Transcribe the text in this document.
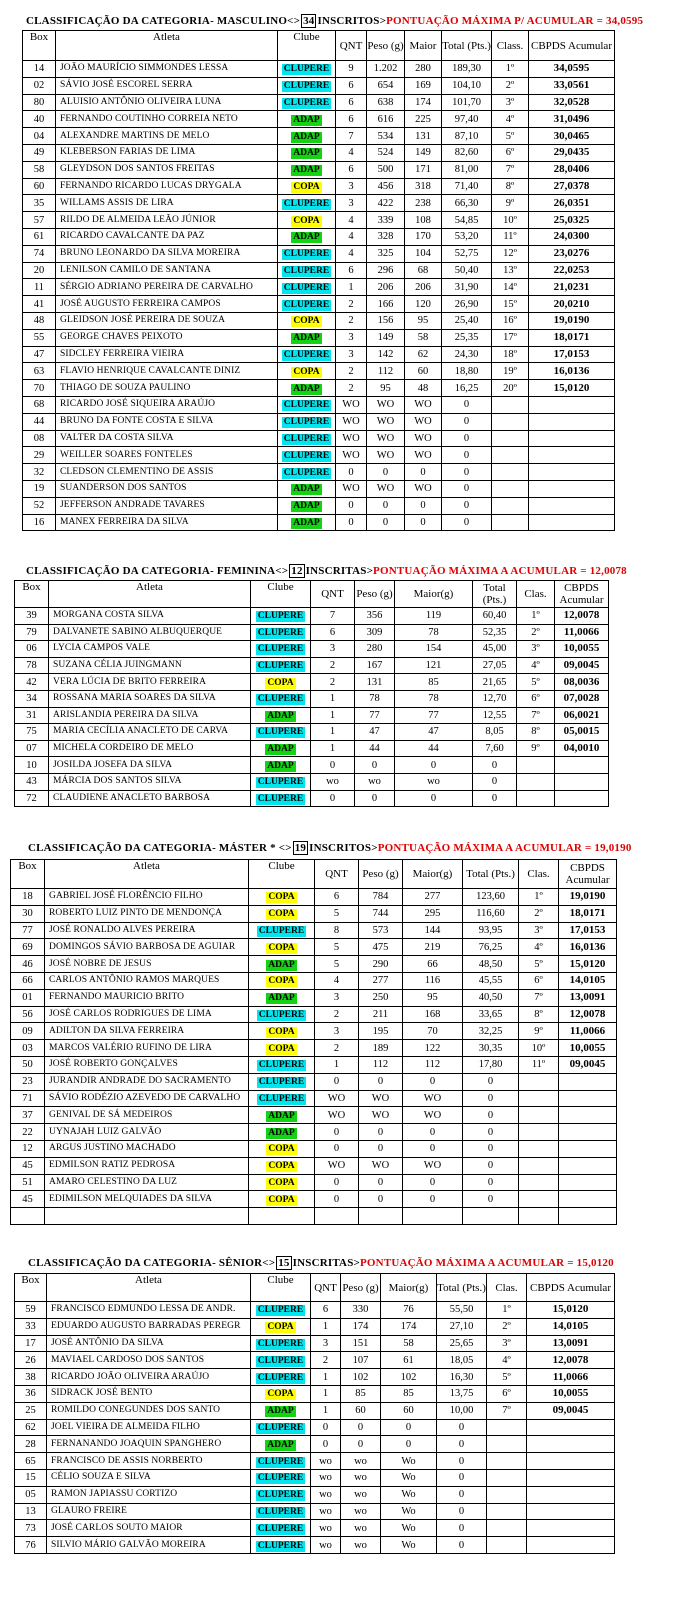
CLASSIFICAÇÃO DA CATEGORIA- MASCULINO<> 34 INSCRITOS>PONTUAÇÃO MÁXIMA P/ ACUMULAR = 34,0595
Box	Atleta	Clube	QNT	Peso (g)	Maior	Total (Pts.)	Class.	CBPDS Acumular
14	JOÃO MAURÍCIO SIMMONDES LESSA	CLUPERE	9	1.202	280	189,30	1º	34,0595
02	SÁVIO JOSÉ ESCOREL SERRA	CLUPERE	6	654	169	104,10	2º	33,0561
80	ALUISIO ANTÔNIO OLIVEIRA LUNA	CLUPERE	6	638	174	101,70	3º	32,0528
40	FERNANDO COUTINHO CORREIA NETO	ADAP	6	616	225	97,40	4º	31,0496
04	ALEXANDRE MARTINS DE MELO	ADAP	7	534	131	87,10	5º	30,0465
49	KLEBERSON FARIAS DE LIMA	ADAP	4	524	149	82,60	6º	29,0435
58	GLEYDSON DOS SANTOS FREITAS	ADAP	6	500	171	81,00	7º	28,0406
60	FERNANDO RICARDO LUCAS DRYGALA	COPA	3	456	318	71,40	8º	27,0378
35	WILLAMS ASSIS DE LIRA	CLUPERE	3	422	238	66,30	9º	26,0351
57	RILDO DE ALMEIDA LEÃO JÚNIOR	COPA	4	339	108	54,85	10º	25,0325
61	RICARDO CAVALCANTE DA PAZ	ADAP	4	328	170	53,20	11º	24,0300
74	BRUNO LEONARDO DA SILVA MOREIRA	CLUPERE	4	325	104	52,75	12º	23,0276
20	LENILSON CAMILO DE SANTANA	CLUPERE	6	296	68	50,40	13º	22,0253
11	SÉRGIO ADRIANO PEREIRA DE CARVALHO	CLUPERE	1	206	206	31,90	14º	21,0231
41	JOSÉ AUGUSTO FERREIRA CAMPOS	CLUPERE	2	166	120	26,90	15º	20,0210
48	GLEIDSON JOSÉ PEREIRA DE SOUZA	COPA	2	156	95	25,40	16º	19,0190
55	GEORGE CHAVES PEIXOTO	ADAP	3	149	58	25,35	17º	18,0171
47	SIDCLEY FERREIRA VIEIRA	CLUPERE	3	142	62	24,30	18º	17,0153
63	FLAVIO HENRIQUE CAVALCANTE DINIZ	COPA	2	112	60	18,80	19º	16,0136
70	THIAGO DE SOUZA PAULINO	ADAP	2	95	48	16,25	20º	15,0120
68	RICARDO JOSÉ SIQUEIRA ARAÚJO	CLUPERE	WO	WO	WO	0		
44	BRUNO DA FONTE COSTA E SILVA	CLUPERE	WO	WO	WO	0		
08	VALTER DA COSTA SILVA	CLUPERE	WO	WO	WO	0		
29	WEILLER SOARES FONTELES	CLUPERE	WO	WO	WO	0		
32	CLEDSON CLEMENTINO DE ASSIS	CLUPERE	0	0	0	0		
19	SUANDERSON DOS SANTOS	ADAP	WO	WO	WO	0		
52	JEFFERSON ANDRADE TAVARES	ADAP	0	0	0	0		
16	MANEX FERREIRA DA SILVA	ADAP	0	0	0	0		
CLASSIFICAÇÃO DA CATEGORIA- FEMININA<> 12 INSCRITAS>PONTUAÇÃO MÁXIMA A ACUMULAR = 12,0078
Box	Atleta	Clube	QNT	Peso (g)	Maior(g)	Total (Pts.)	Clas.	CBPDS Acumular
39	MORGANA COSTA SILVA	CLUPERE	7	356	119	60,40	1º	12,0078
79	DALVANETE SABINO ALBUQUERQUE	CLUPERE	6	309	78	52,35	2º	11,0066
06	LYCIA CAMPOS VALE	CLUPERE	3	280	154	45,00	3º	10,0055
78	SUZANA CÉLIA JUINGMANN	CLUPERE	2	167	121	27,05	4º	09,0045
42	VERA LÚCIA DE BRITO FERREIRA	COPA	2	131	85	21,65	5º	08,0036
34	ROSSANA MARIA SOARES DA SILVA	CLUPERE	1	78	78	12,70	6º	07,0028
31	ARISLANDIA PEREIRA DA SILVA	ADAP	1	77	77	12,55	7º	06,0021
75	MARIA CECÍLIA ANACLETO DE CARVA	CLUPERE	1	47	47	8,05	8º	05,0015
07	MICHELA CORDEIRO DE MELO	ADAP	1	44	44	7,60	9º	04,0010
10	JOSILDA JOSEFA DA SILVA	ADAP	0	0	0	0		
43	MÁRCIA DOS SANTOS SILVA	CLUPERE	wo	wo	wo	0		
72	CLAUDIENE ANACLETO BARBOSA	CLUPERE	0	0	0	0		
CLASSIFICAÇÃO DA CATEGORIA- MÁSTER * <> 19 INSCRITOS>PONTUAÇÃO MÁXIMA A ACUMULAR = 19,0190
Box	Atleta	Clube	QNT	Peso (g)	Maior(g)	Total (Pts.)	Clas.	CBPDS Acumular
18	GABRIEL JOSÉ FLORÊNCIO FILHO	COPA	6	784	277	123,60	1º	19,0190
30	ROBERTO LUIZ PINTO DE MENDONÇA	COPA	5	744	295	116,60	2º	18,0171
77	JOSÉ RONALDO ALVES PEREIRA	CLUPERE	8	573	144	93,95	3º	17,0153
69	DOMINGOS SÁVIO BARBOSA DE AGUIAR	COPA	5	475	219	76,25	4º	16,0136
46	JOSÉ NOBRE DE JESUS	ADAP	5	290	66	48,50	5º	15,0120
66	CARLOS ANTÔNIO RAMOS MARQUES	COPA	4	277	116	45,55	6º	14,0105
01	FERNANDO MAURICIO BRITO	ADAP	3	250	95	40,50	7º	13,0091
56	JOSÉ CARLOS RODRIGUES DE LIMA	CLUPERE	2	211	168	33,65	8º	12,0078
09	ADILTON DA SILVA FERREIRA	COPA	3	195	70	32,25	9º	11,0066
03	MARCOS VALÉRIO RUFINO DE LIRA	COPA	2	189	122	30,35	10º	10,0055
50	JOSÉ ROBERTO GONÇALVES	CLUPERE	1	112	112	17,80	11º	09,0045
23	JURANDIR ANDRADE DO SACRAMENTO	CLUPERE	0	0	0	0		
71	SÁVIO RODÉZIO AZEVEDO DE CARVALHO	CLUPERE	WO	WO	WO	0		
37	GENIVAL DE SÁ MEDEIROS	ADAP	WO	WO	WO	0		
22	UYNAJAH LUIZ GALVÃO	ADAP	0	0	0	0		
12	ARGUS JUSTINO MACHADO	COPA	0	0	0	0		
45	EDMILSON RATIZ PEDROSA	COPA	WO	WO	WO	0		
51	AMARO CELESTINO DA LUZ	COPA	0	0	0	0		
45	EDIMILSON MELQUIADES DA SILVA	COPA	0	0	0	0		

CLASSIFICAÇÃO DA CATEGORIA- SÊNIOR<> 15 INSCRITAS>PONTUAÇÃO MÁXIMA A ACUMULAR = 15,0120
Box	Atleta	Clube	QNT	Peso (g)	Maior(g)	Total (Pts.)	Clas.	CBPDS Acumular
59	FRANCISCO EDMUNDO LESSA DE ANDR.	CLUPERE	6	330	76	55,50	1º	15,0120
33	EDUARDO AUGUSTO BARRADAS PEREGR	COPA	1	174	174	27,10	2º	14,0105
17	JOSÉ ANTÔNIO DA SILVA	CLUPERE	3	151	58	25,65	3º	13,0091
26	MAVIAEL CARDOSO DOS SANTOS	CLUPERE	2	107	61	18,05	4º	12,0078
38	RICARDO JOÃO OLIVEIRA ARAÚJO	CLUPERE	1	102	102	16,30	5º	11,0066
36	SIDRACK JOSÉ BENTO	COPA	1	85	85	13,75	6º	10,0055
25	ROMILDO CONEGUNDES DOS SANTO	ADAP	1	60	60	10,00	7º	09,0045
62	JOEL VIEIRA DE ALMEIDA FILHO	CLUPERE	0	0	0	0		
28	FERNANANDO JOAQUIN SPANGHERO	ADAP	0	0	0	0		
65	FRANCISCO DE ASSIS NORBERTO	CLUPERE	wo	wo	Wo	0		
15	CÉLIO SOUZA E SILVA	CLUPERE	wo	wo	Wo	0		
05	RAMON JAPIASSU CORTIZO	CLUPERE	wo	wo	Wo	0		
13	GLAURO FREIRE	CLUPERE	wo	wo	Wo	0		
73	JOSÉ CARLOS SOUTO MAIOR	CLUPERE	wo	wo	Wo	0		
76	SILVIO MÁRIO GALVÃO MOREIRA	CLUPERE	wo	wo	Wo	0		
